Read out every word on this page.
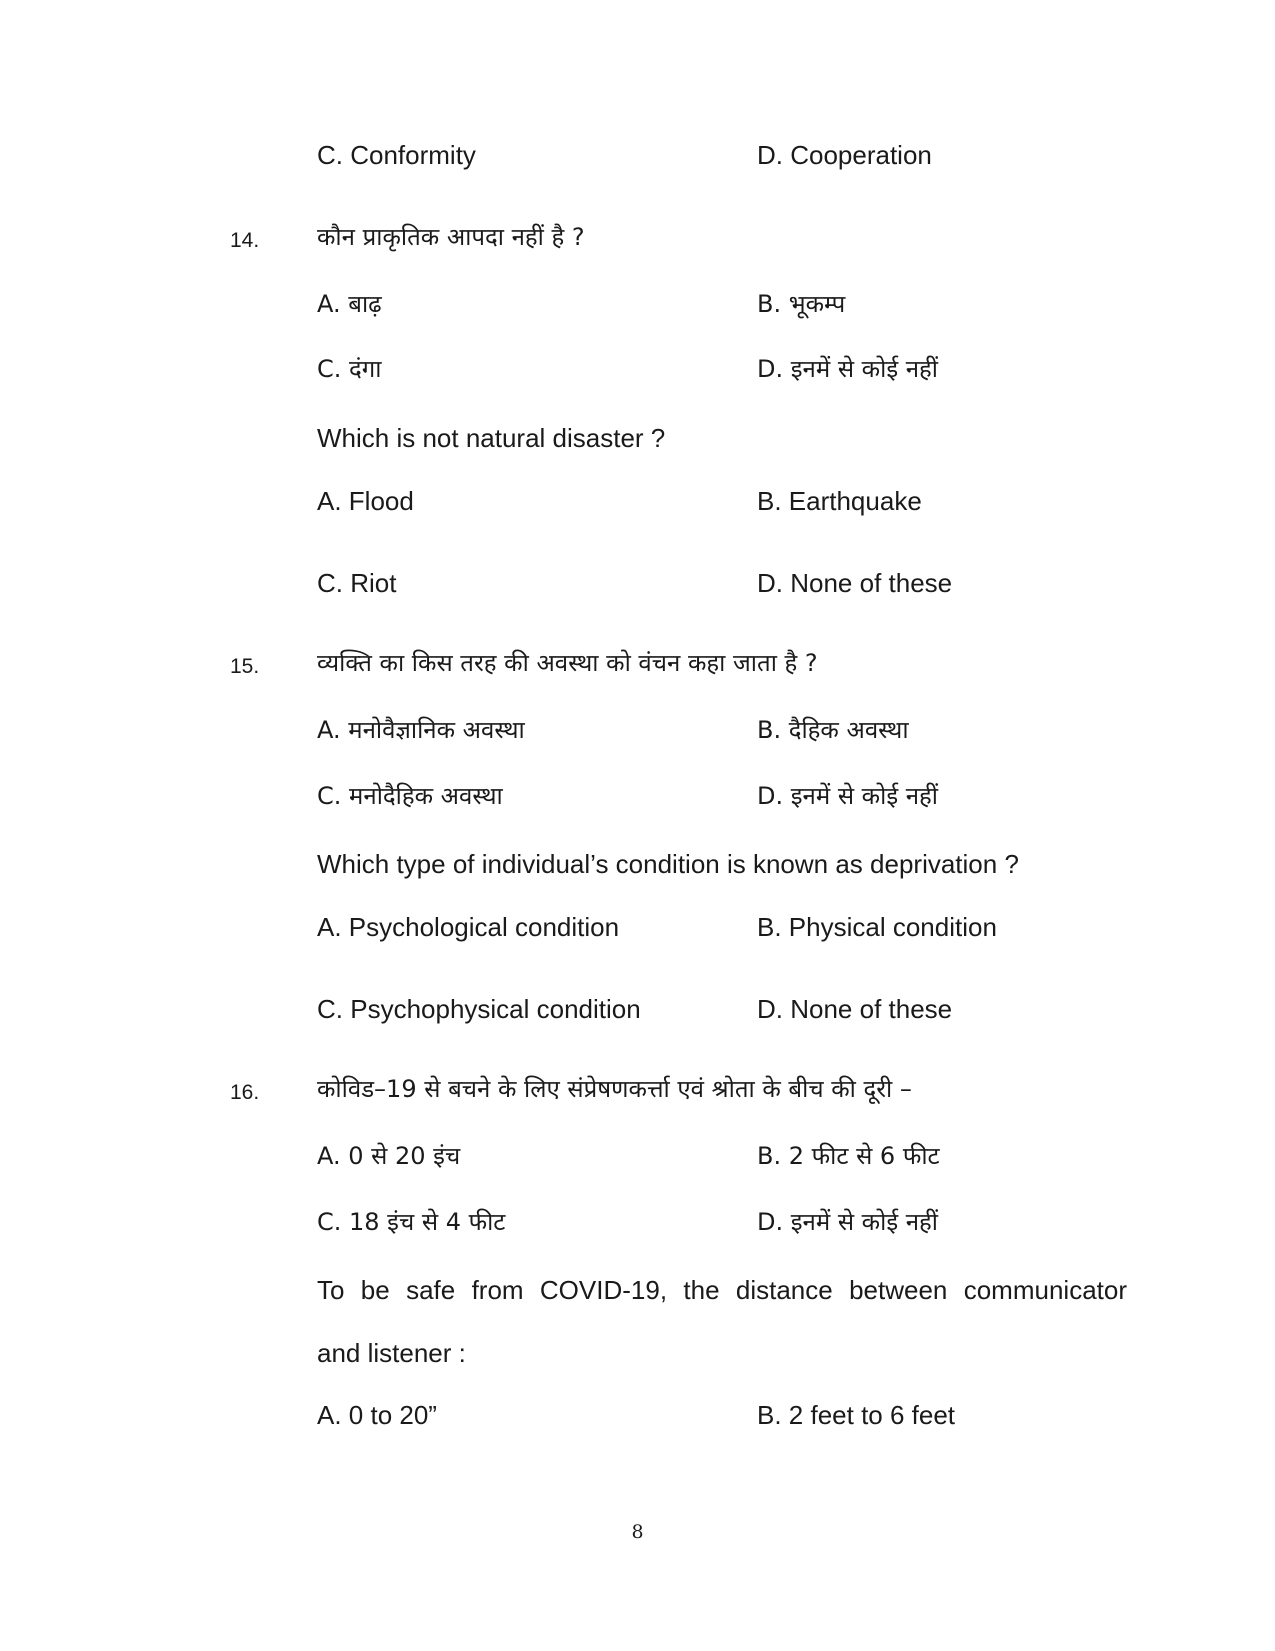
C. Conformity	D. Cooperation
14. कौन प्राकृतिक आपदा नहीं है ?
A. बाढ़	B. भूकम्प
C. दंगा	D. इनमें से कोई नहीं
Which is not natural disaster ?
A. Flood	B. Earthquake
C. Riot	D. None of these
15. व्यक्ति का किस तरह की अवस्था को वंचन कहा जाता है ?
A. मनोवैज्ञानिक अवस्था	B. दैहिक अवस्था
C. मनोदैहिक अवस्था	D. इनमें से कोई नहीं
Which type of individual’s condition is known as deprivation ?
A. Psychological condition	B. Physical condition
C. Psychophysical condition	D. None of these
16. कोविड–19 से बचने के लिए संप्रेषणकर्त्ता एवं श्रोता के बीच की दूरी –
A. 0 से 20 इंच	B. 2 फीट से 6 फीट
C. 18 इंच से 4 फीट	D. इनमें से कोई नहीं
To be safe from COVID-19, the distance between communicator
and listener :
A. 0 to 20”	B. 2 feet to 6 feet
8
